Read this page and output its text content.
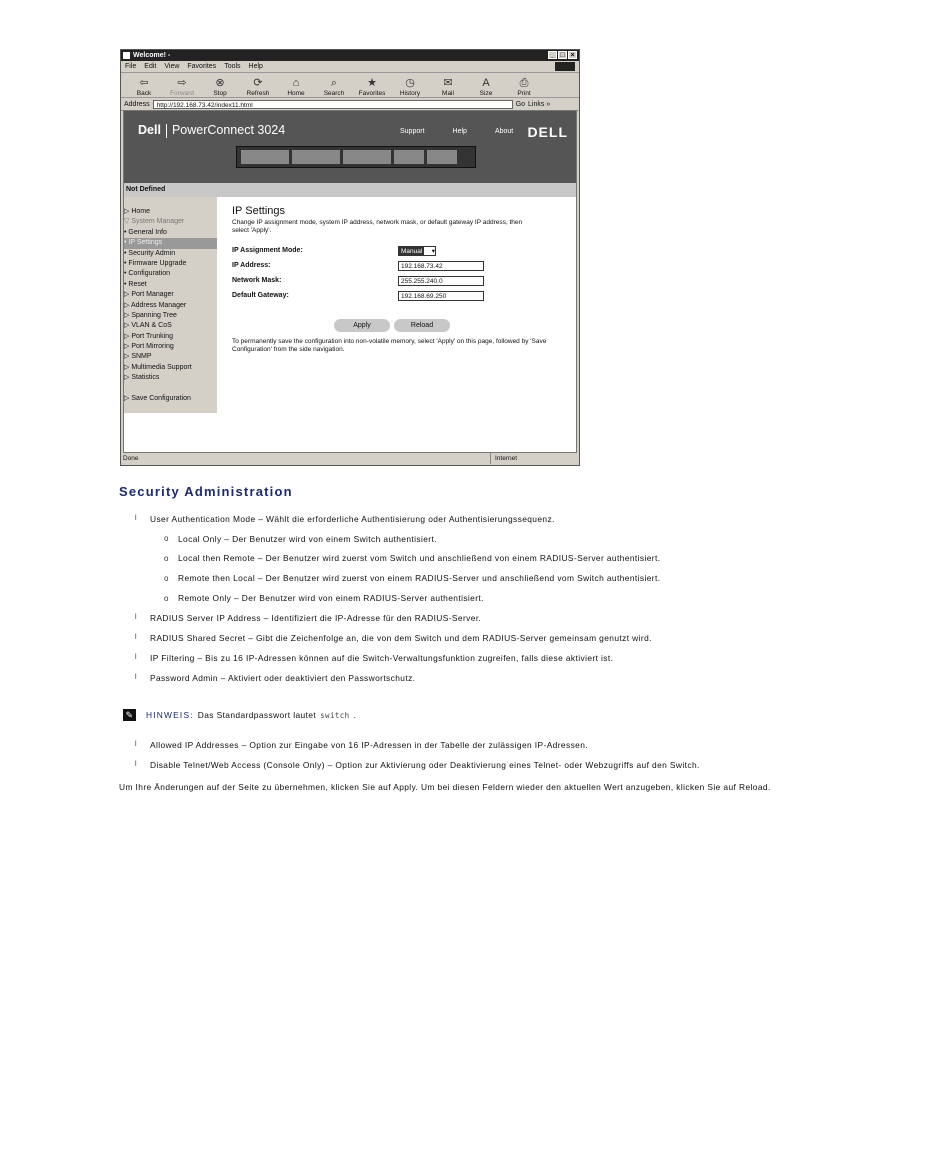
Welcome! -	_ □ ×
File Edit View Favorites Tools Help
⇦
Back
⇨
Forward
⊗
Stop
⟳
Refresh
⌂
Home
⌕
Search
★
Favorites
◷
History
✉
Mail
A
Size
⎙
Print
Address	http://192.168.73.42/index11.html	Go Links »
Dell PowerConnect 3024	Support	Help	About DELL
Not Defined
▷ Home
▽ System Manager
• General Info
• IP Settings
• Security Admin
• Firmware Upgrade
• Configuration
• Reset
▷ Port Manager
▷ Address Manager
▷ Spanning Tree
▷ VLAN & CoS
▷ Port Trunking
▷ Port Mirroring
▷ SNMP
▷ Multimedia Support
▷ Statistics
▷ Save Configuration
IP Settings
Change IP assignment mode, system IP address, network mask, or default gateway IP address, then select 'Apply'.
IP Assignment Mode:	Manual	▾
IP Address:	192.168.73.42
Network Mask:	255.255.240.0
Default Gateway:	192.168.69.250
Apply	Reload
To permanently save the configuration into non-volatile memory, select 'Apply' on this page, followed by 'Save Configuration' from the side navigation.
Done	Internet
Security Administration
l User Authentication Mode – Wählt die erforderliche Authentisierung oder Authentisierungssequenz.
o Local Only – Der Benutzer wird von einem Switch authentisiert.
o Local then Remote – Der Benutzer wird zuerst vom Switch und anschließend von einem RADIUS-Server authentisiert.
o Remote then Local – Der Benutzer wird zuerst von einem RADIUS-Server und anschließend vom Switch authentisiert.
o Remote Only – Der Benutzer wird von einem RADIUS-Server authentisiert.
l RADIUS Server IP Address – Identifiziert die IP-Adresse für den RADIUS-Server.
l RADIUS Shared Secret – Gibt die Zeichenfolge an, die von dem Switch und dem RADIUS-Server gemeinsam genutzt wird.
l IP Filtering – Bis zu 16 IP-Adressen können auf die Switch-Verwaltungsfunktion zugreifen, falls diese aktiviert ist.
l Password Admin – Aktiviert oder deaktiviert den Passwortschutz.
✎	HINWEIS: Das Standardpasswort lautet switch .
l Allowed IP Addresses – Option zur Eingabe von 16 IP-Adressen in der Tabelle der zulässigen IP-Adressen.
l Disable Telnet/Web Access (Console Only) – Option zur Aktivierung oder Deaktivierung eines Telnet- oder Webzugriffs auf den Switch.
Um Ihre Änderungen auf der Seite zu übernehmen, klicken Sie auf Apply. Um bei diesen Feldern wieder den aktuellen Wert anzugeben, klicken Sie auf Reload.
